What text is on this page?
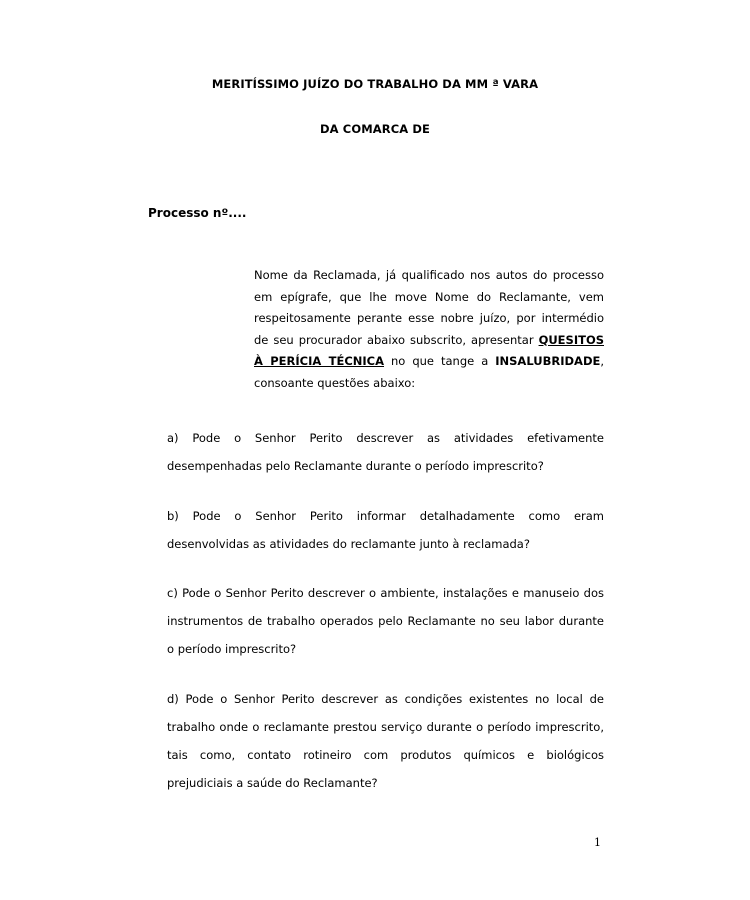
MERITÍSSIMO JUÍZO DO TRABALHO DA MM ª VARA
DA COMARCA DE
Processo nº....
Nome da Reclamada, já qualificado nos autos do processo em epígrafe, que lhe move Nome do Reclamante, vem respeitosamente perante esse nobre juízo, por intermédio de seu procurador abaixo subscrito, apresentar QUESITOS À PERÍCIA TÉCNICA no que tange a INSALUBRIDADE, consoante questões abaixo:
a) Pode o Senhor Perito descrever as atividades efetivamente desempenhadas pelo Reclamante durante o período imprescrito?
b) Pode o Senhor Perito informar detalhadamente como eram desenvolvidas as atividades do reclamante junto à reclamada?
c) Pode o Senhor Perito descrever o ambiente, instalações e manuseio dos instrumentos de trabalho operados pelo Reclamante no seu labor durante o período imprescrito?
d) Pode o Senhor Perito descrever as condições existentes no local de trabalho onde o reclamante prestou serviço durante o período imprescrito, tais como, contato rotineiro com produtos químicos e biológicos prejudiciais a saúde do Reclamante?
1
